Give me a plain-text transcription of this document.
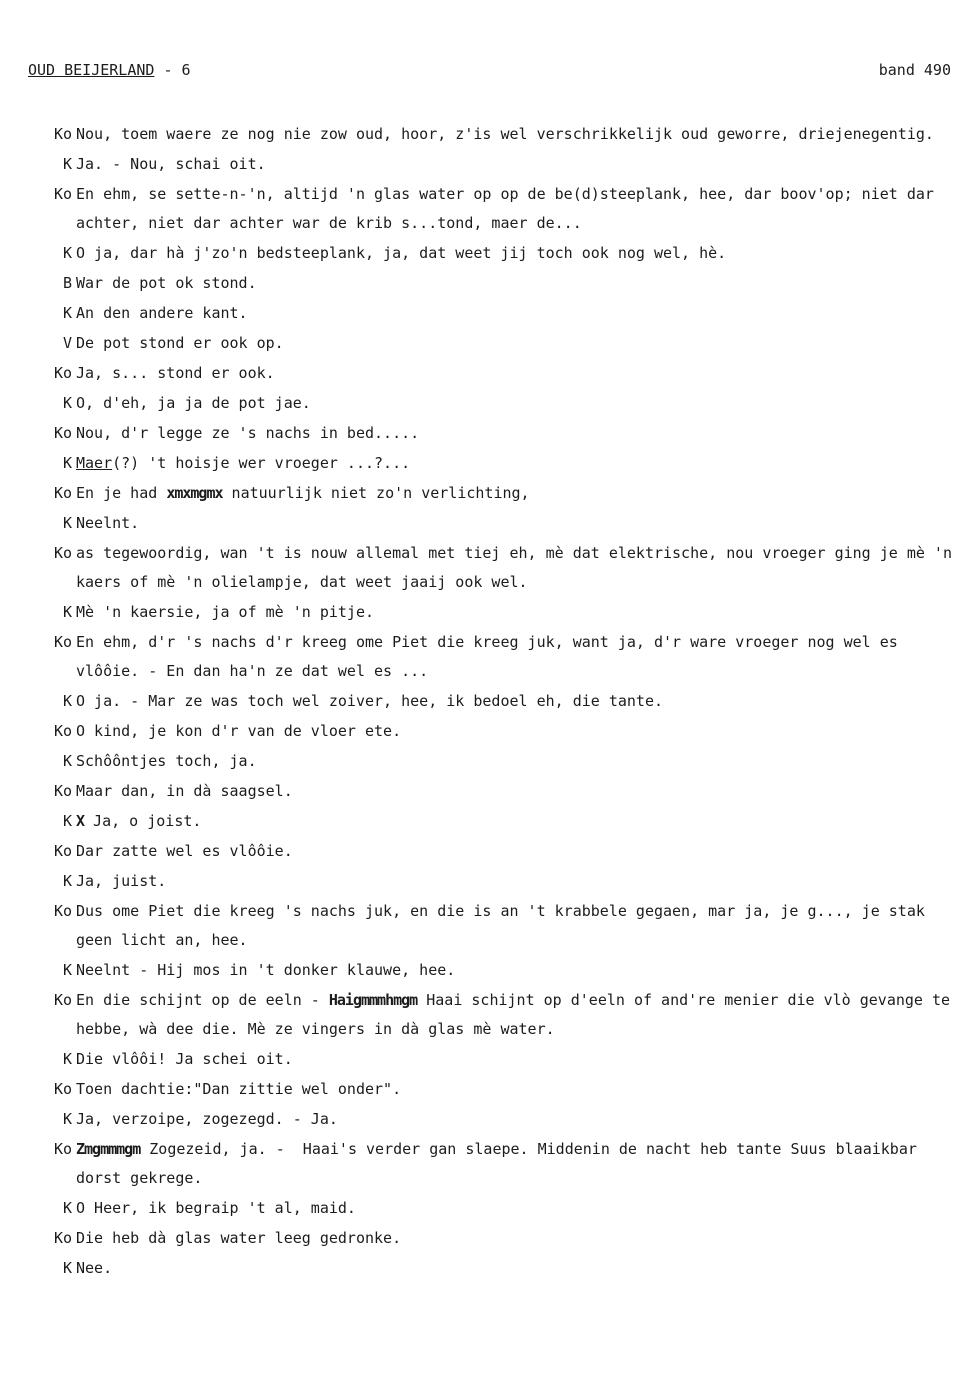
OUD BEIJERLAND - 6	band 490
Ko Nou, toem waere ze nog nie zow oud, hoor, z'is wel verschrikkelijk oud geworre, driejenegentig.
K Ja. - Nou, schai oit.
Ko En ehm, se sette-n-'n, altijd 'n glas water op op de be(d)steeplank, hee, dar boov'op; niet dar achter, niet dar achter war de krib s...tond, maer de...
K O ja, dar hà j'zo'n bedsteeplank, ja, dat weet jij toch ook nog wel, hè.
B War de pot ok stond.
K An den andere kant.
V De pot stond er ook op.
Ko Ja, s... stond er ook.
K O, d'eh, ja ja de pot jae.
Ko Nou, d'r legge ze 's nachs in bed.....
K Maer(?) 't hoisje wer vroeger ...?...
Ko En je had xmxmgmx natuurlijk niet zo'n verlichting,
K Neelnt.
Ko as tegewoordig, wan 't is nouw allemal met tiej eh, mè dat elektrische, nou vroeger ging je mè 'n kaers of mè 'n olielampje, dat weet jaaij ook wel.
K Mè 'n kaersie, ja of mè 'n pitje.
Ko En ehm, d'r 's nachs d'r kreeg ome Piet die kreeg juk, want ja, d'r ware vroeger nog wel es vlôôie. - En dan ha'n ze dat wel es ...
K O ja. - Mar ze was toch wel zoiver, hee, ik bedoel eh, die tante.
Ko O kind, je kon d'r van de vloer ete.
K Schôôntjes toch, ja.
Ko Maar dan, in dà saagsel.
K X Ja, o joist.
Ko Dar zatte wel es vlôôie.
K Ja, juist.
Ko Dus ome Piet die kreeg 's nachs juk, en die is an 't krabbele gegaen, mar ja, je g..., je stak geen licht an, hee.
K Neelnt - Hij mos in 't donker klauwe, hee.
Ko En die schijnt op de eeln - Haigmmmhmgm Haai schijnt op d'eeln of and're menier die vlò gevange te hebbe, wà dee die. Mè ze vingers in dà glas mè water.
K Die vlôôi! Ja schei oit.
Ko Toen dachtie:"Dan zittie wel onder".
K Ja, verzoipe, zogezegd. - Ja.
Ko Zmgmmmgm Zogezeid, ja. -  Haai's verder gan slaepe. Middenin de nacht heb tante Suus blaaikbar dorst gekrege.
K O Heer, ik begraip 't al, maid.
Ko Die heb dà glas water leeg gedronke.
K Nee.
